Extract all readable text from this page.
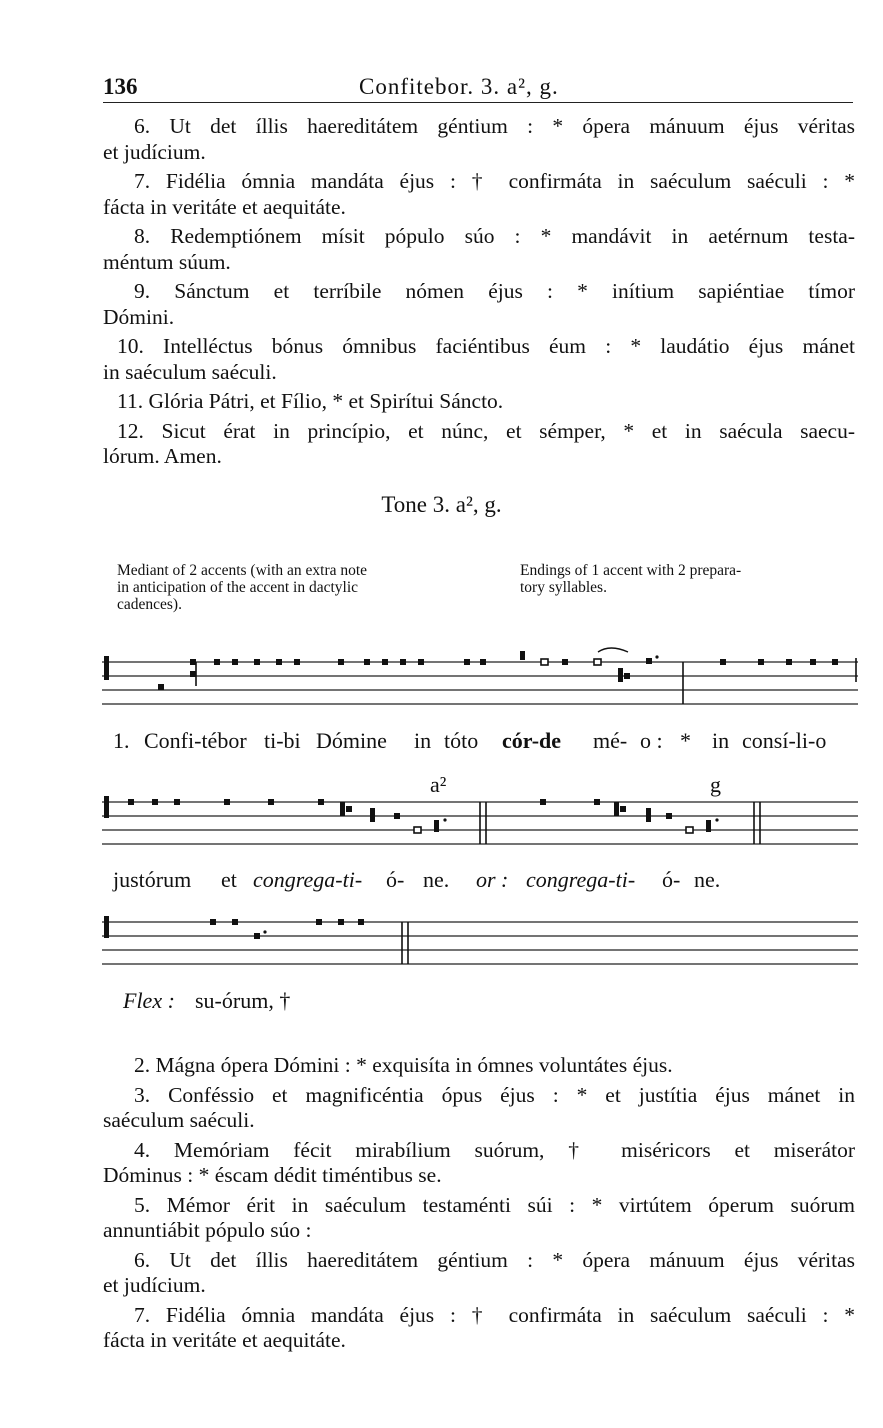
136	Confitebor. 3. a², g.
6. Ut det íllis haereditátem géntium : * ópera mánuum éjus véritas
et judícium.
7. Fidélia ómnia mandáta éjus : † confirmáta in saéculum saéculi : *
fácta in veritáte et aequitáte.
8. Redemptiónem mísit pópulo súo : * mandávit in aetérnum testa-
méntum súum.
9. Sánctum et terríbile nómen éjus : * inítium sapiéntiae tímor
Dómini.
10. Intelléctus bónus ómnibus faciéntibus éum : * laudátio éjus mánet
in saéculum saéculi.
11. Glória Pátri, et Fílio, * et Spirítui Sáncto.
12. Sicut érat in princípio, et núnc, et sémper, * et in saécula saecu-
lórum. Amen.
Tone 3. a², g.
Mediant of 2 accents (with an extra note
in anticipation of the accent in dactylic
cadences).
Endings of 1 accent with 2 prepara-
tory syllables.
1. Confi-tébor ti-bi Dómine in tóto cór-de mé- o : * in consí-li-o
a²	g
justórum et congrega-ti- ó- ne. or : congrega-ti- ó- ne.
Flex : su-órum, †
2. Mágna ópera Dómini : * exquisíta in ómnes voluntátes éjus.
3. Conféssio et magnificéntia ópus éjus : * et justítia éjus mánet in
saéculum saéculi.
4. Memóriam fécit mirabílium suórum, † miséricors et miserátor
Dóminus : * éscam dédit timéntibus se.
5. Mémor érit in saéculum testaménti súi : * virtútem óperum suórum
annuntiábit pópulo súo :
6. Ut det íllis haereditátem géntium : * ópera mánuum éjus véritas
et judícium.
7. Fidélia ómnia mandáta éjus : † confirmáta in saéculum saéculi : *
fácta in veritáte et aequitáte.
